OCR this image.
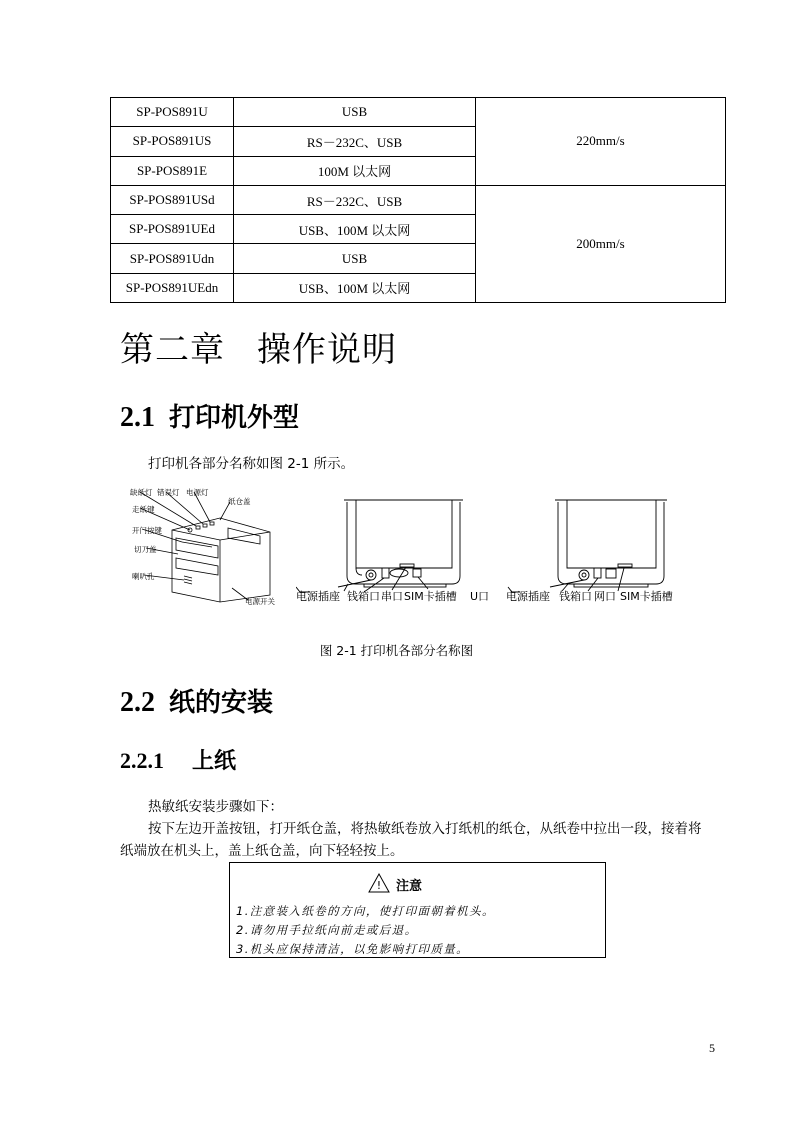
SP-POS891U	USB	220mm/s
SP-POS891US	RS－232C、USB	
SP-POS891E	100M 以太网	
SP-POS891USd	RS－232C、USB	200mm/s
SP-POS891UEd	USB、100M 以太网	
SP-POS891Udn	USB	
SP-POS891UEdn	USB、100M 以太网	
第二章 操作说明
2.1 打印机外型

打印机各部分名称如图 2-1 所示。

缺纸灯 错误灯 电源灯
纸仓盖
走纸键
开门按键
切刀盖
喇叭孔
电源开关 电源插座 钱箱口 串口 SIM卡插槽 U口 电源插座 钱箱口 网口 SIM卡插槽

图 2-1 打印机各部分名称图

2.2 纸的安装
2.2.1 上纸

热敏纸安装步骤如下：

按下左边开盖按钮，打开纸仓盖，将热敏纸卷放入打纸机的纸仓，从纸卷中拉出一段，接着将

纸端放在机头上，盖上纸仓盖，向下轻轻按上。

!	注意
1.注意装入纸卷的方向，使打印面朝着机头。
2.请勿用手拉纸向前走或后退。
3.机头应保持清洁，以免影响打印质量。
5
